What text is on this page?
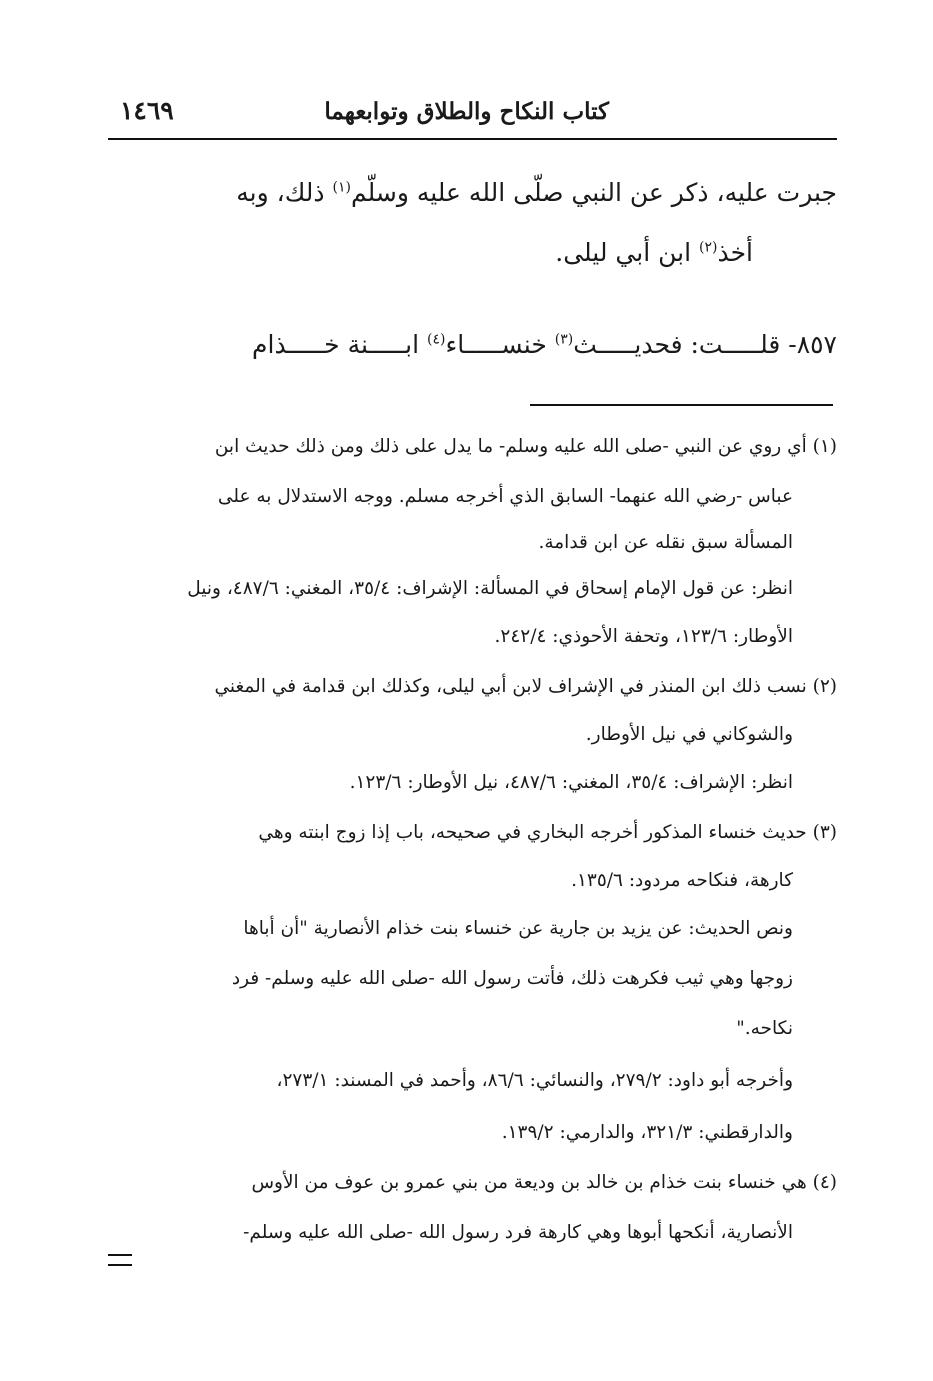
كتاب النكاح والطلاق وتوابعهما
١٤٦٩
جبرت عليه، ذكر عن النبي صلّى الله عليه وسلّم$^{(١)}$ ذلك، وبه
أخذ$^{(٢)}$ ابن أبي ليلى.
٨٥٧- قلـــــت: فحديـــــث$^{(٣)}$ خنســـــاء$^{(٤)}$ ابـــــنة خـــــذام
(١) أي روي عن النبي -صلى الله عليه وسلم- ما يدل على ذلك ومن ذلك حديث ابن
عباس -رضي الله عنهما- السابق الذي أخرجه مسلم. ووجه الاستدلال به على
المسألة سبق نقله عن ابن قدامة.
انظر: عن قول الإمام إسحاق في المسألة: الإشراف: ٣٥/٤، المغني: ٤٨٧/٦، ونيل
الأوطار: ١٢٣/٦، وتحفة الأحوذي: ٢٤٢/٤.
(٢) نسب ذلك ابن المنذر في الإشراف لابن أبي ليلى، وكذلك ابن قدامة في المغني
والشوكاني في نيل الأوطار.
انظر: الإشراف: ٣٥/٤، المغني: ٤٨٧/٦، نيل الأوطار: ١٢٣/٦.
(٣) حديث خنساء المذكور أخرجه البخاري في صحيحه، باب إذا زوج ابنته وهي
كارهة، فنكاحه مردود: ١٣٥/٦.
ونص الحديث: عن يزيد بن جارية عن خنساء بنت خذام الأنصارية "أن أباها
زوجها وهي ثيب فكرهت ذلك، فأتت رسول الله -صلى الله عليه وسلم- فرد
نكاحه."
وأخرجه أبو داود: ٢٧٩/٢، والنسائي: ٨٦/٦، وأحمد في المسند: ٢٧٣/١،
والدارقطني: ٣٢١/٣، والدارمي: ١٣٩/٢.
(٤) هي خنساء بنت خذام بن خالد بن وديعة من بني عمرو بن عوف من الأوس
الأنصارية، أنكحها أبوها وهي كارهة فرد رسول الله -صلى الله عليه وسلم-
